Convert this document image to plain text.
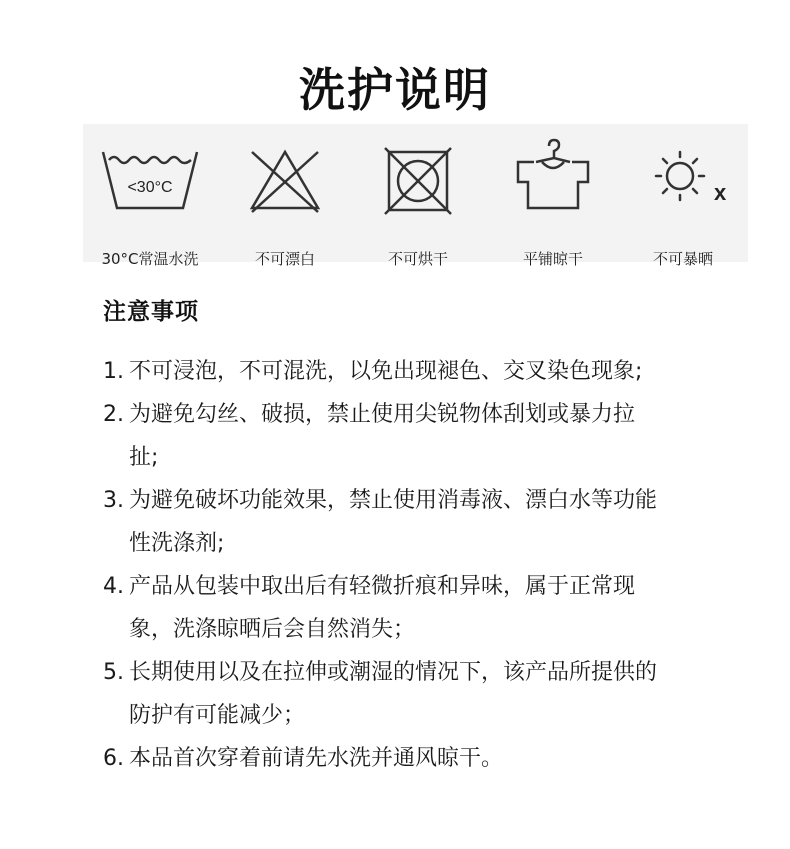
洗护说明
<30°C
30°C常温水洗	不可漂白	不可烘干	平铺晾干
x
不可暴晒
注意事项
1. 不可浸泡，不可混洗，以免出现褪色、交叉染色现象;
2. 为避免勾丝、破损，禁止使用尖锐物体刮划或暴力拉扯;
3. 为避免破坏功能效果，禁止使用消毒液、漂白水等功能性洗涤剂;
4. 产品从包装中取出后有轻微折痕和异味，属于正常现象，洗涤晾晒后会自然消失；
5. 长期使用以及在拉伸或潮湿的情况下，该产品所提供的防护有可能减少；
6. 本品首次穿着前请先水洗并通风晾干。
